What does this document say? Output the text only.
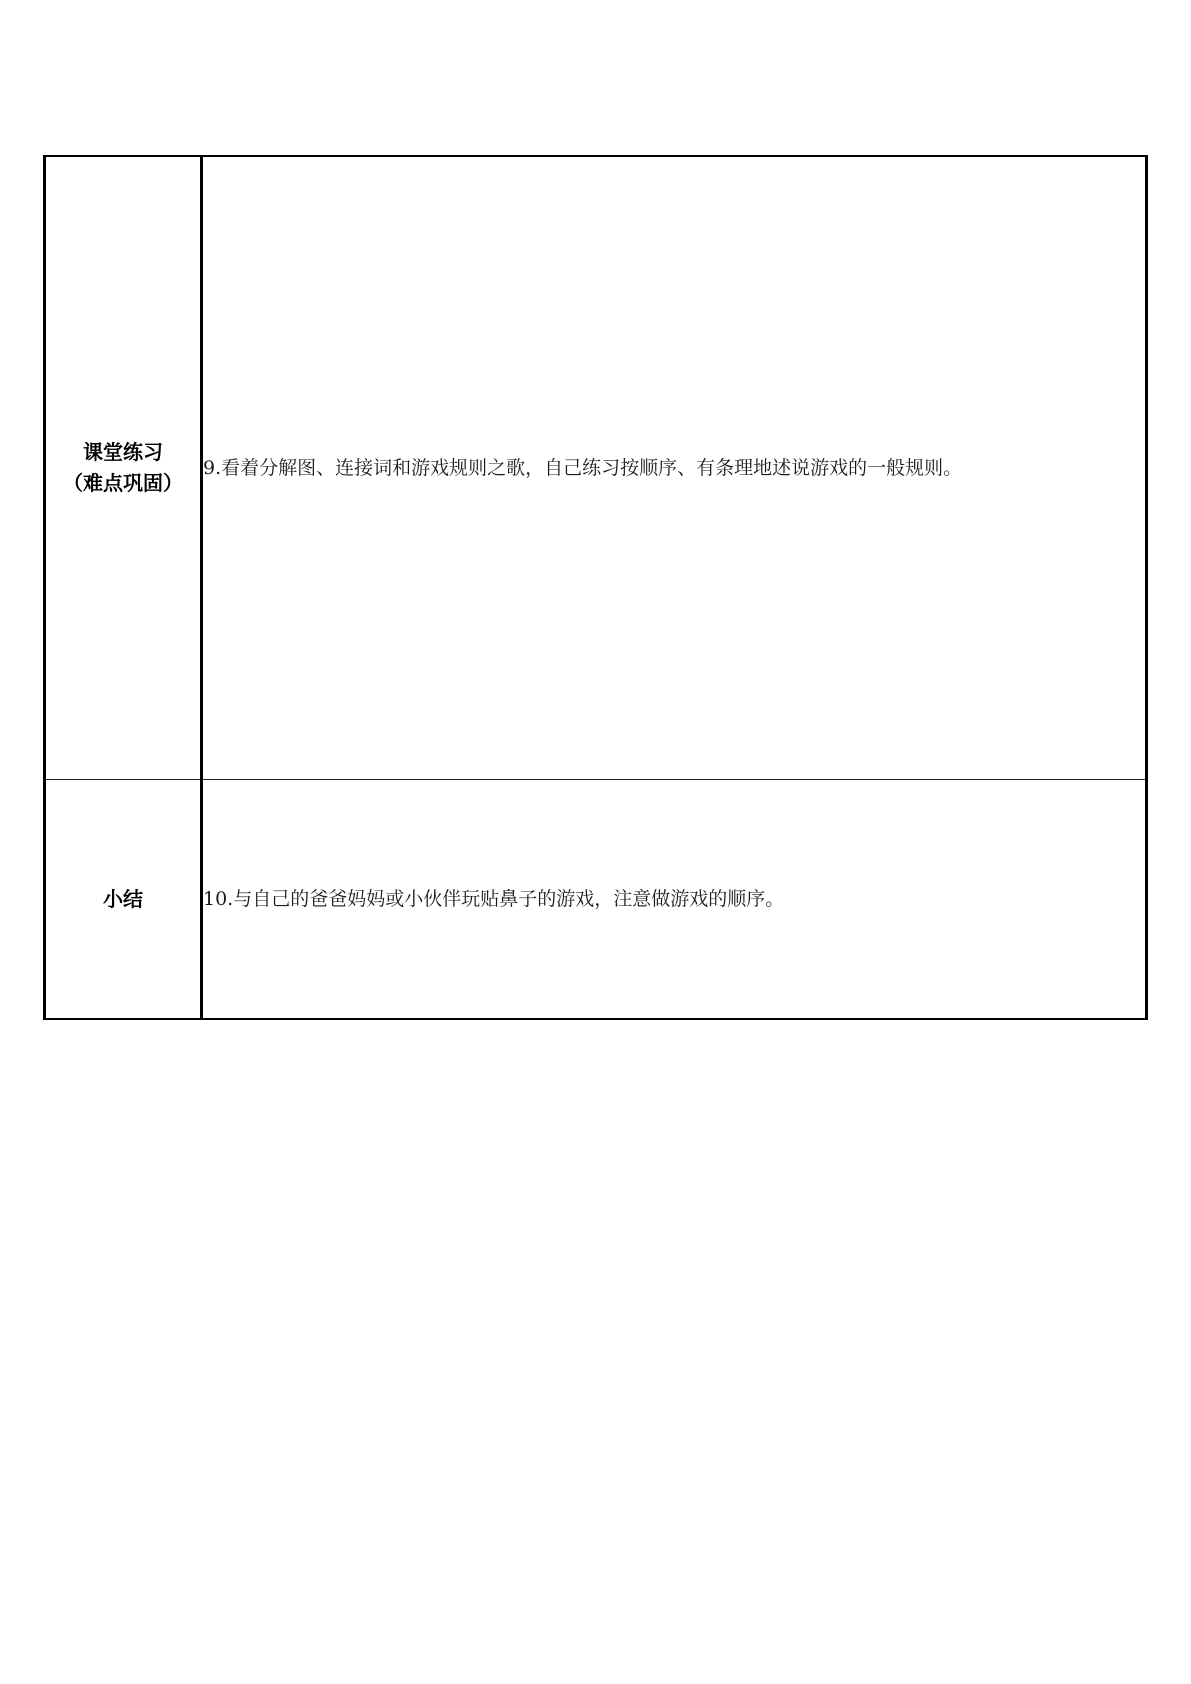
课堂练习
（难点巩固）	9.看着分解图、连接词和游戏规则之歌，自己练习按顺序、有条理地述说游戏的一般规则。

小结	10.与自己的爸爸妈妈或小伙伴玩贴鼻子的游戏，注意做游戏的顺序。
